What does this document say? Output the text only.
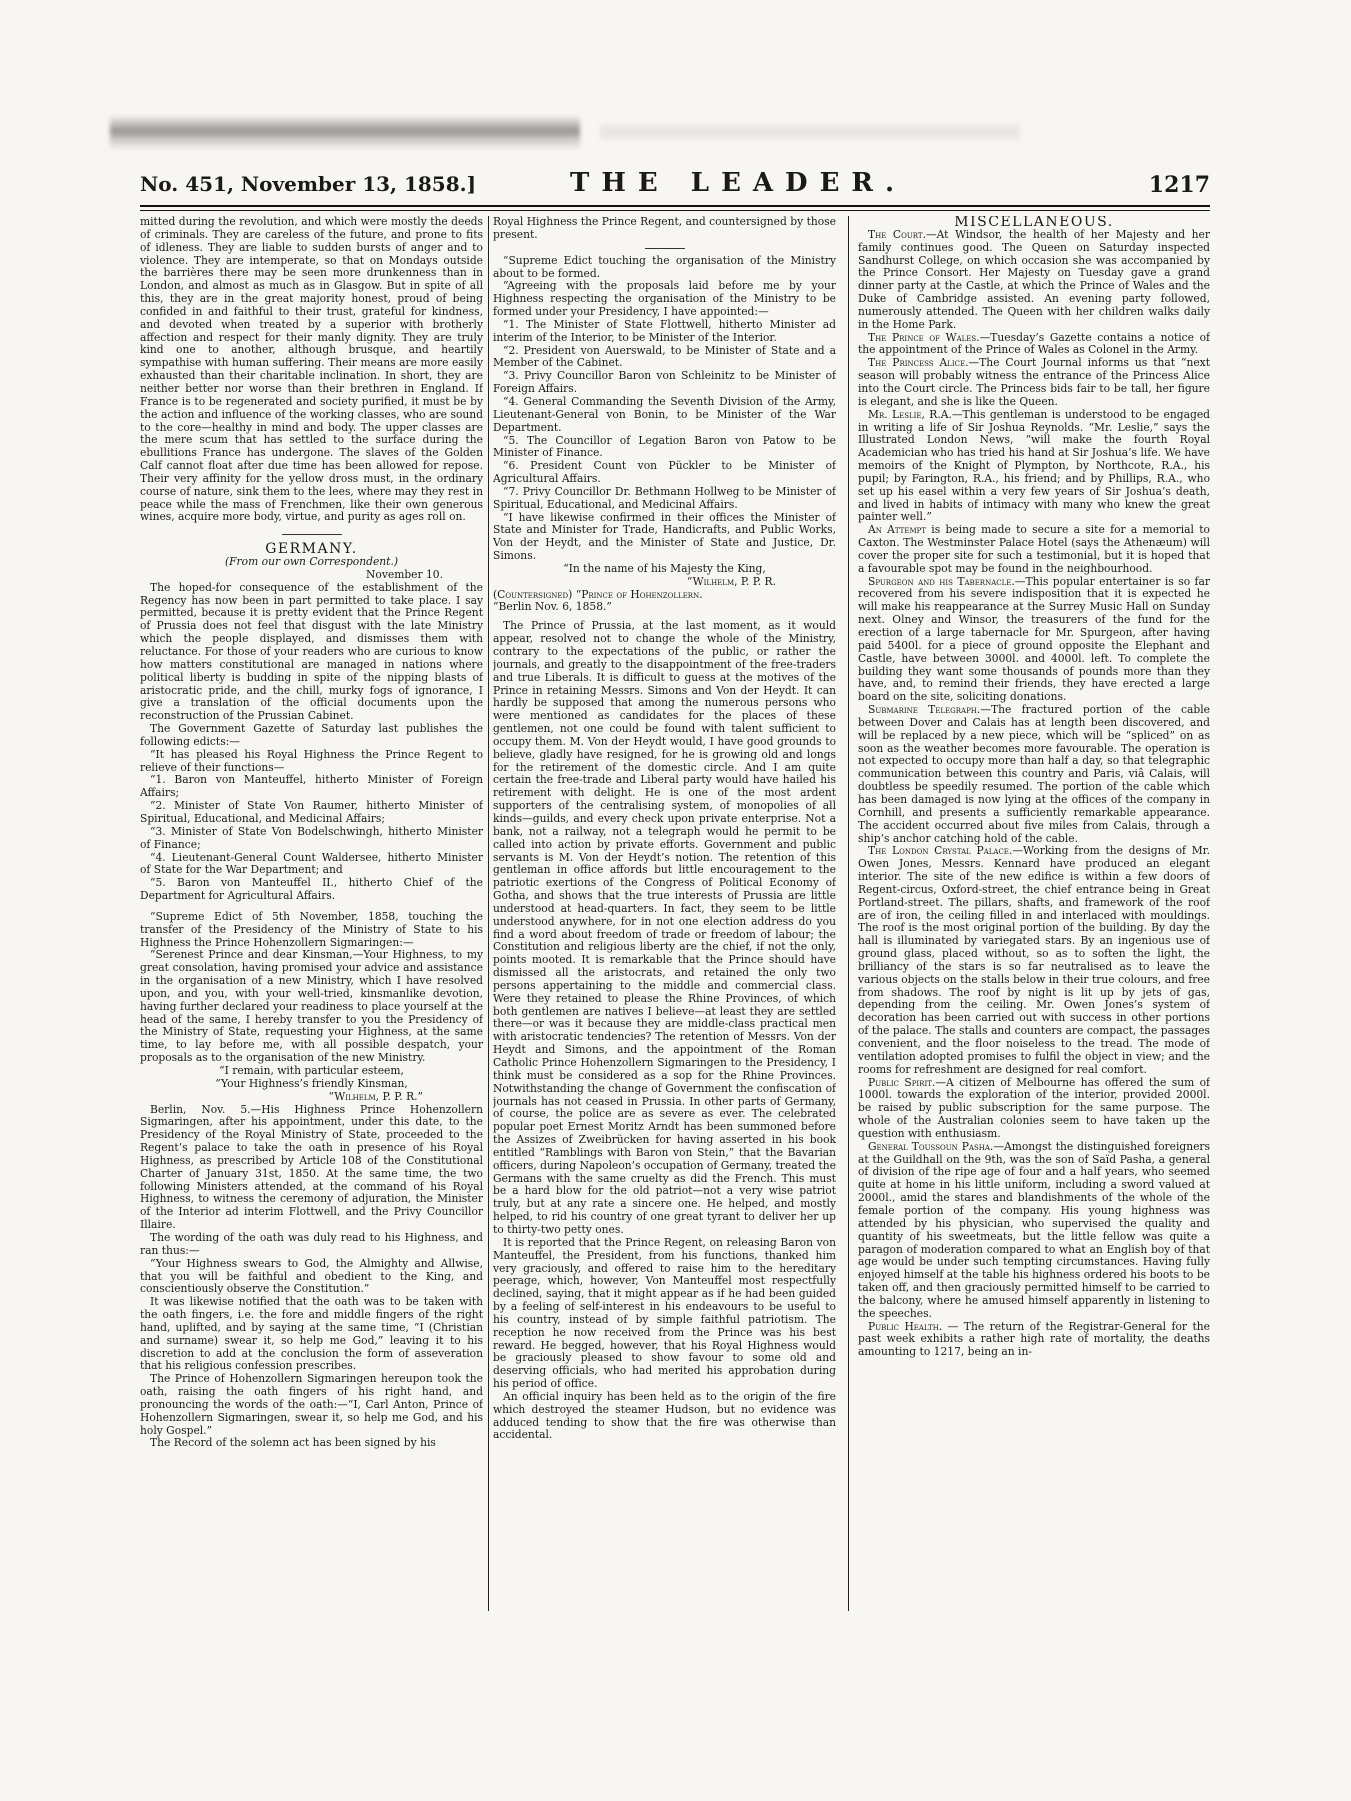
No. 451, November 13, 1858.]	THE LEADER.	1217

mitted during the revolution, and which were mostly the deeds of criminals. They are careless of the future, and prone to fits of idleness. They are liable to sudden bursts of anger and to violence. They are intemperate, so that on Mondays outside the barrières there may be seen more drunkenness than in London, and almost as much as in Glasgow. But in spite of all this, they are in the great majority honest, proud of being confided in and faithful to their trust, grateful for kindness, and devoted when treated by a superior with brotherly affection and respect for their manly dignity. They are truly kind one to another, although brusque, and heartily sympathise with human suffering. Their means are more easily exhausted than their charitable inclination. In short, they are neither better nor worse than their brethren in England. If France is to be regenerated and society purified, it must be by the action and influence of the working classes, who are sound to the core—healthy in mind and body. The upper classes are the mere scum that has settled to the surface during the ebullitions France has undergone. The slaves of the Golden Calf cannot float after due time has been allowed for repose. Their very affinity for the yellow dross must, in the ordinary course of nature, sink them to the lees, where may they rest in peace while the mass of Frenchmen, like their own generous wines, acquire more body, virtue, and purity as ages roll on.

GERMANY.

(From our own Correspondent.)

November 10.

The hoped-for consequence of the establishment of the Regency has now been in part permitted to take place. I say permitted, because it is pretty evident that the Prince Regent of Prussia does not feel that disgust with the late Ministry which the people displayed, and dismisses them with reluctance. For those of your readers who are curious to know how matters constitutional are managed in nations where political liberty is budding in spite of the nipping blasts of aristocratic pride, and the chill, murky fogs of ignorance, I give a translation of the official documents upon the reconstruction of the Prussian Cabinet.

The Government Gazette of Saturday last publishes the following edicts:—

“It has pleased his Royal Highness the Prince Regent to relieve of their functions—

“1. Baron von Manteuffel, hitherto Minister of Foreign Affairs;

“2. Minister of State Von Raumer, hitherto Minister of Spiritual, Educational, and Medicinal Affairs;

“3. Minister of State Von Bodelschwingh, hitherto Minister of Finance;

“4. Lieutenant-General Count Waldersee, hitherto Minister of State for the War Department; and

“5. Baron von Manteuffel II., hitherto Chief of the Department for Agricultural Affairs.

“Supreme Edict of 5th November, 1858, touching the transfer of the Presidency of the Ministry of State to his Highness the Prince Hohenzollern Sigmaringen:—

“Serenest Prince and dear Kinsman,—Your Highness, to my great consolation, having promised your advice and assistance in the organisation of a new Ministry, which I have resolved upon, and you, with your well-tried, kinsmanlike devotion, having further declared your readiness to place yourself at the head of the same, I hereby transfer to you the Presidency of the Ministry of State, requesting your Highness, at the same time, to lay before me, with all possible despatch, your proposals as to the organisation of the new Ministry.

“I remain, with particular esteem,

“Your Highness’s friendly Kinsman,

“Wilhelm, P. P. R.”

Berlin, Nov. 5.—His Highness Prince Hohenzollern Sigmaringen, after his appointment, under this date, to the Presidency of the Royal Ministry of State, proceeded to the Regent’s palace to take the oath in presence of his Royal Highness, as prescribed by Article 108 of the Constitutional Charter of January 31st, 1850. At the same time, the two following Ministers attended, at the command of his Royal Highness, to witness the ceremony of adjuration, the Minister of the Interior ad interim Flottwell, and the Privy Councillor Illaire.

The wording of the oath was duly read to his Highness, and ran thus:—

“Your Highness swears to God, the Almighty and Allwise, that you will be faithful and obedient to the King, and conscientiously observe the Constitution.”

It was likewise notified that the oath was to be taken with the oath fingers, i.e. the fore and middle fingers of the right hand, uplifted, and by saying at the same time, “I (Christian and surname) swear it, so help me God,” leaving it to his discretion to add at the conclusion the form of asseveration that his religious confession prescribes.

The Prince of Hohenzollern Sigmaringen hereupon took the oath, raising the oath fingers of his right hand, and pronouncing the words of the oath:—“I, Carl Anton, Prince of Hohenzollern Sigmaringen, swear it, so help me God, and his holy Gospel.”

The Record of the solemn act has been signed by his

Royal Highness the Prince Regent, and countersigned by those present.

“Supreme Edict touching the organisation of the Ministry about to be formed.

“Agreeing with the proposals laid before me by your Highness respecting the organisation of the Ministry to be formed under your Presidency, I have appointed:—

“1. The Minister of State Flottwell, hitherto Minister ad interim of the Interior, to be Minister of the Interior.

“2. President von Auerswald, to be Minister of State and a Member of the Cabinet.

“3. Privy Councillor Baron von Schleinitz to be Minister of Foreign Affairs.

“4. General Commanding the Seventh Division of the Army, Lieutenant-General von Bonin, to be Minister of the War Department.

“5. The Councillor of Legation Baron von Patow to be Minister of Finance.

“6. President Count von Pückler to be Minister of Agricultural Affairs.

“7. Privy Councillor Dr. Bethmann Hollweg to be Minister of Spiritual, Educational, and Medicinal Affairs.

“I have likewise confirmed in their offices the Minister of State and Minister for Trade, Handicrafts, and Public Works, Von der Heydt, and the Minister of State and Justice, Dr. Simons.

“In the name of his Majesty the King,

“Wilhelm, P. P. R.

(Countersigned) “Prince of Hohenzollern.

“Berlin Nov. 6, 1858.”

The Prince of Prussia, at the last moment, as it would appear, resolved not to change the whole of the Ministry, contrary to the expectations of the public, or rather the journals, and greatly to the disappointment of the free-traders and true Liberals. It is difficult to guess at the motives of the Prince in retaining Messrs. Simons and Von der Heydt. It can hardly be supposed that among the numerous persons who were mentioned as candidates for the places of these gentlemen, not one could be found with talent sufficient to occupy them. M. Von der Heydt would, I have good grounds to believe, gladly have resigned, for he is growing old and longs for the retirement of the domestic circle. And I am quite certain the free-trade and Liberal party would have hailed his retirement with delight. He is one of the most ardent supporters of the centralising system, of monopolies of all kinds—guilds, and every check upon private enterprise. Not a bank, not a railway, not a telegraph would he permit to be called into action by private efforts. Government and public servants is M. Von der Heydt’s notion. The retention of this gentleman in office affords but little encouragement to the patriotic exertions of the Congress of Political Economy of Gotha, and shows that the true interests of Prussia are little understood at head-quarters. In fact, they seem to be little understood anywhere, for in not one election address do you find a word about freedom of trade or freedom of labour; the Constitution and religious liberty are the chief, if not the only, points mooted. It is remarkable that the Prince should have dismissed all the aristocrats, and retained the only two persons appertaining to the middle and commercial class. Were they retained to please the Rhine Provinces, of which both gentlemen are natives I believe—at least they are settled there—or was it because they are middle-class practical men with aristocratic tendencies? The retention of Messrs. Von der Heydt and Simons, and the appointment of the Roman Catholic Prince Hohenzollern Sigmaringen to the Presidency, I think must be considered as a sop for the Rhine Provinces. Notwithstanding the change of Government the confiscation of journals has not ceased in Prussia. In other parts of Germany, of course, the police are as severe as ever. The celebrated popular poet Ernest Moritz Arndt has been summoned before the Assizes of Zweibrücken for having asserted in his book entitled “Ramblings with Baron von Stein,” that the Bavarian officers, during Napoleon’s occupation of Germany, treated the Germans with the same cruelty as did the French. This must be a hard blow for the old patriot—not a very wise patriot truly, but at any rate a sincere one. He helped, and mostly helped, to rid his country of one great tyrant to deliver her up to thirty-two petty ones.

It is reported that the Prince Regent, on releasing Baron von Manteuffel, the President, from his functions, thanked him very graciously, and offered to raise him to the hereditary peerage, which, however, Von Manteuffel most respectfully declined, saying, that it might appear as if he had been guided by a feeling of self-interest in his endeavours to be useful to his country, instead of by simple faithful patriotism. The reception he now received from the Prince was his best reward. He begged, however, that his Royal Highness would be graciously pleased to show favour to some old and deserving officials, who had merited his approbation during his period of office.

An official inquiry has been held as to the origin of the fire which destroyed the steamer Hudson, but no evidence was adduced tending to show that the fire was otherwise than accidental.

MISCELLANEOUS.

The Court.—At Windsor, the health of her Majesty and her family continues good. The Queen on Saturday inspected Sandhurst College, on which occasion she was accompanied by the Prince Consort. Her Majesty on Tuesday gave a grand dinner party at the Castle, at which the Prince of Wales and the Duke of Cambridge assisted. An evening party followed, numerously attended. The Queen with her children walks daily in the Home Park.

The Prince of Wales.—Tuesday’s Gazette contains a notice of the appointment of the Prince of Wales as Colonel in the Army.

The Princess Alice.—The Court Journal informs us that “next season will probably witness the entrance of the Princess Alice into the Court circle. The Princess bids fair to be tall, her figure is elegant, and she is like the Queen.

Mr. Leslie, R.A.—This gentleman is understood to be engaged in writing a life of Sir Joshua Reynolds. “Mr. Leslie,” says the Illustrated London News, “will make the fourth Royal Academician who has tried his hand at Sir Joshua’s life. We have memoirs of the Knight of Plympton, by Northcote, R.A., his pupil; by Farington, R.A., his friend; and by Phillips, R.A., who set up his easel within a very few years of Sir Joshua’s death, and lived in habits of intimacy with many who knew the great painter well.”

An Attempt is being made to secure a site for a memorial to Caxton. The Westminster Palace Hotel (says the Athenæum) will cover the proper site for such a testimonial, but it is hoped that a favourable spot may be found in the neighbourhood.

Spurgeon and his Tabernacle.—This popular entertainer is so far recovered from his severe indisposition that it is expected he will make his reappearance at the Surrey Music Hall on Sunday next. Olney and Winsor, the treasurers of the fund for the erection of a large tabernacle for Mr. Spurgeon, after having paid 5400l. for a piece of ground opposite the Elephant and Castle, have between 3000l. and 4000l. left. To complete the building they want some thousands of pounds more than they have, and, to remind their friends, they have erected a large board on the site, soliciting donations.

Submarine Telegraph.—The fractured portion of the cable between Dover and Calais has at length been discovered, and will be replaced by a new piece, which will be “spliced” on as soon as the weather becomes more favourable. The operation is not expected to occupy more than half a day, so that telegraphic communication between this country and Paris, viâ Calais, will doubtless be speedily resumed. The portion of the cable which has been damaged is now lying at the offices of the company in Cornhill, and presents a sufficiently remarkable appearance. The accident occurred about five miles from Calais, through a ship’s anchor catching hold of the cable.

The London Crystal Palace.—Working from the designs of Mr. Owen Jones, Messrs. Kennard have produced an elegant interior. The site of the new edifice is within a few doors of Regent-circus, Oxford-street, the chief entrance being in Great Portland-street. The pillars, shafts, and framework of the roof are of iron, the ceiling filled in and interlaced with mouldings. The roof is the most original portion of the building. By day the hall is illuminated by variegated stars. By an ingenious use of ground glass, placed without, so as to soften the light, the brilliancy of the stars is so far neutralised as to leave the various objects on the stalls below in their true colours, and free from shadows. The roof by night is lit up by jets of gas, depending from the ceiling. Mr. Owen Jones’s system of decoration has been carried out with success in other portions of the palace. The stalls and counters are compact, the passages convenient, and the floor noiseless to the tread. The mode of ventilation adopted promises to fulfil the object in view; and the rooms for refreshment are designed for real comfort.

Public Spirit.—A citizen of Melbourne has offered the sum of 1000l. towards the exploration of the interior, provided 2000l. be raised by public subscription for the same purpose. The whole of the Australian colonies seem to have taken up the question with enthusiasm.

General Toussoun Pasha.—Amongst the distinguished foreigners at the Guildhall on the 9th, was the son of Saïd Pasha, a general of division of the ripe age of four and a half years, who seemed quite at home in his little uniform, including a sword valued at 2000l., amid the stares and blandishments of the whole of the female portion of the company. His young highness was attended by his physician, who supervised the quality and quantity of his sweetmeats, but the little fellow was quite a paragon of moderation compared to what an English boy of that age would be under such tempting circumstances. Having fully enjoyed himself at the table his highness ordered his boots to be taken off, and then graciously permitted himself to be carried to the balcony, where he amused himself apparently in listening to the speeches.

Public Health. — The return of the Registrar-General for the past week exhibits a rather high rate of mortality, the deaths amounting to 1217, being an in-
